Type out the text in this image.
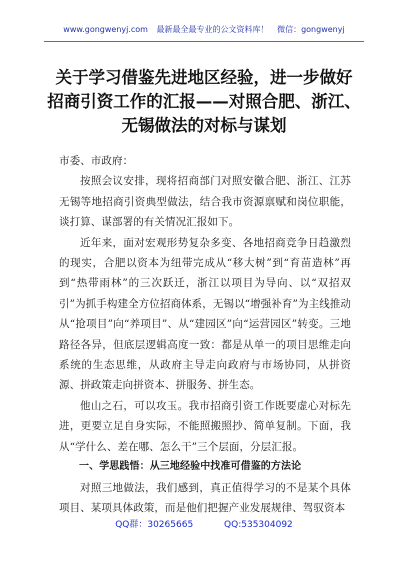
www.gongwenyj.com 最新最全最专业的公文资料库！ 微信：gongwenyj
关于学习借鉴先进地区经验，进一步做好
招商引资工作的汇报——对照合肥、浙江、
无锡做法的对标与谋划

市委、市政府：

按照会议安排，现将招商部门对照安徽合肥、浙江、江苏无锡等地招商引资典型做法，结合我市资源禀赋和岗位职能，谈打算、谋部署的有关情况汇报如下。

近年来，面对宏观形势复杂多变、各地招商竞争日趋激烈的现实，合肥以资本为纽带完成从“移大树”到“育苗造林”再到“热带雨林”的三次跃迁，浙江以项目为导向、以“双招双引”为抓手构建全方位招商体系，无锡以“增强补育”为主线推动从“抢项目”向“养项目”、从“建园区”向“运营园区”转变。三地路径各异，但底层逻辑高度一致：都是从单一的项目思维走向系统的生态思维，从政府主导走向政府与市场协同，从拼资源、拼政策走向拼资本、拼服务、拼生态。

他山之石，可以攻玉。我市招商引资工作既要虚心对标先进，更要立足自身实际，不能照搬照抄、简单复制。下面，我从“学什么、差在哪、怎么干”三个层面，分层汇报。

一、学思践悟：从三地经验中找准可借鉴的方法论

对照三地做法，我们感到，真正值得学习的不是某个具体项目、某项具体政策，而是他们把握产业发展规律、驾驭资本

QQ群：30265665	QQ:535304092
